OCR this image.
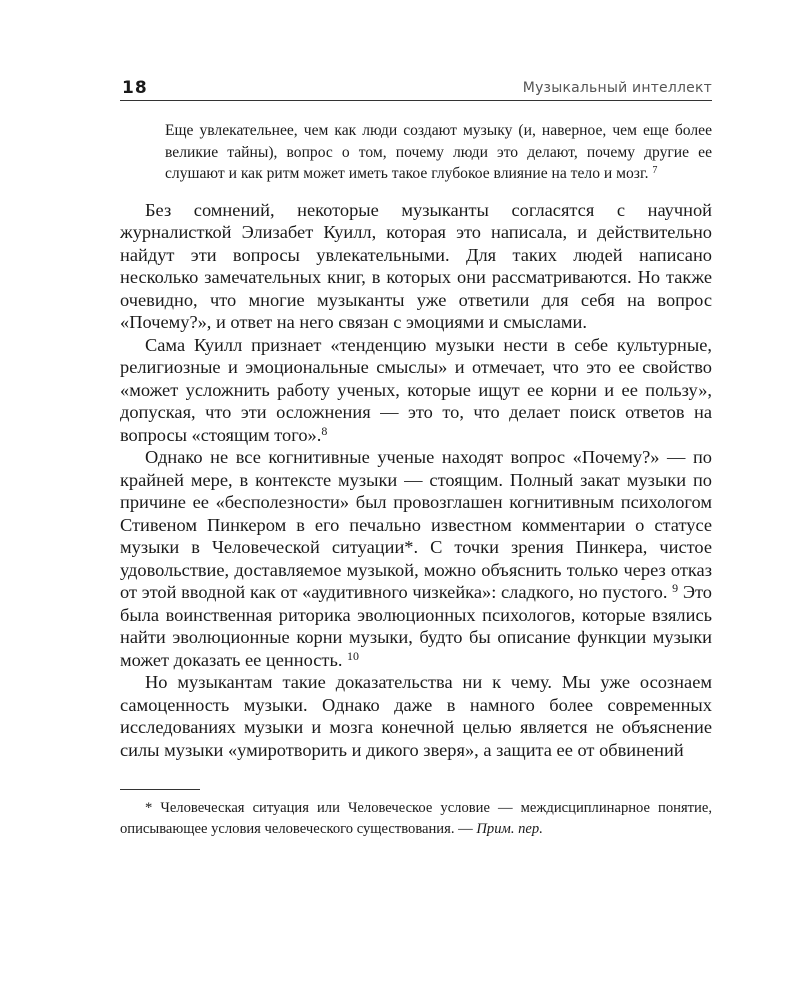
18	Музыкальный интеллект
Еще увлекательнее, чем как люди создают музыку (и, наверное, чем еще более великие тайны), вопрос о том, почему люди это делают, почему другие ее слушают и как ритм может иметь такое глубокое влияние на тело и мозг. $^7$

Без сомнений, некоторые музыканты согласятся с научной журналисткой Элизабет Куилл, которая это написала, и действительно найдут эти вопросы увлекательными. Для таких людей написано несколько замечательных книг, в которых они рассматриваются. Но также очевидно, что многие музыканты уже ответили для себя на вопрос «Почему?», и ответ на него связан с эмоциями и смыслами.

Сама Куилл признает «тенденцию музыки нести в себе культурные, религиозные и эмоциональные смыслы» и отмечает, что это ее свойство «может усложнить работу ученых, которые ищут ее корни и ее пользу», допуская, что эти осложнения — это то, что делает поиск ответов на вопросы «стоящим того».$^8$

Однако не все когнитивные ученые находят вопрос «Почему?» — по крайней мере, в контексте музыки — стоящим. Полный закат музыки по причине ее «бесполезности» был провозглашен когнитивным психологом Стивеном Пинкером в его печально известном комментарии о статусе музыки в Человеческой ситуации*. С точки зрения Пинкера, чистое удовольствие, доставляемое музыкой, можно объяснить только через отказ от этой вводной как от «аудитивного чизкейка»: сладкого, но пустого. $^9$ Это была воинственная риторика эволюционных психологов, которые взялись найти эволюционные корни музыки, будто бы описание функции музыки может доказать ее ценность. $^{10}$

Но музыкантам такие доказательства ни к чему. Мы уже осознаем самоценность музыки. Однако даже в намного более современных исследованиях музыки и мозга конечной целью является не объяснение силы музыки «умиротворить и дикого зверя», а защита ее от обвинений

* Человеческая ситуация или Человеческое условие — междисциплинарное понятие, описывающее условия человеческого существования. — Прим. пер.
